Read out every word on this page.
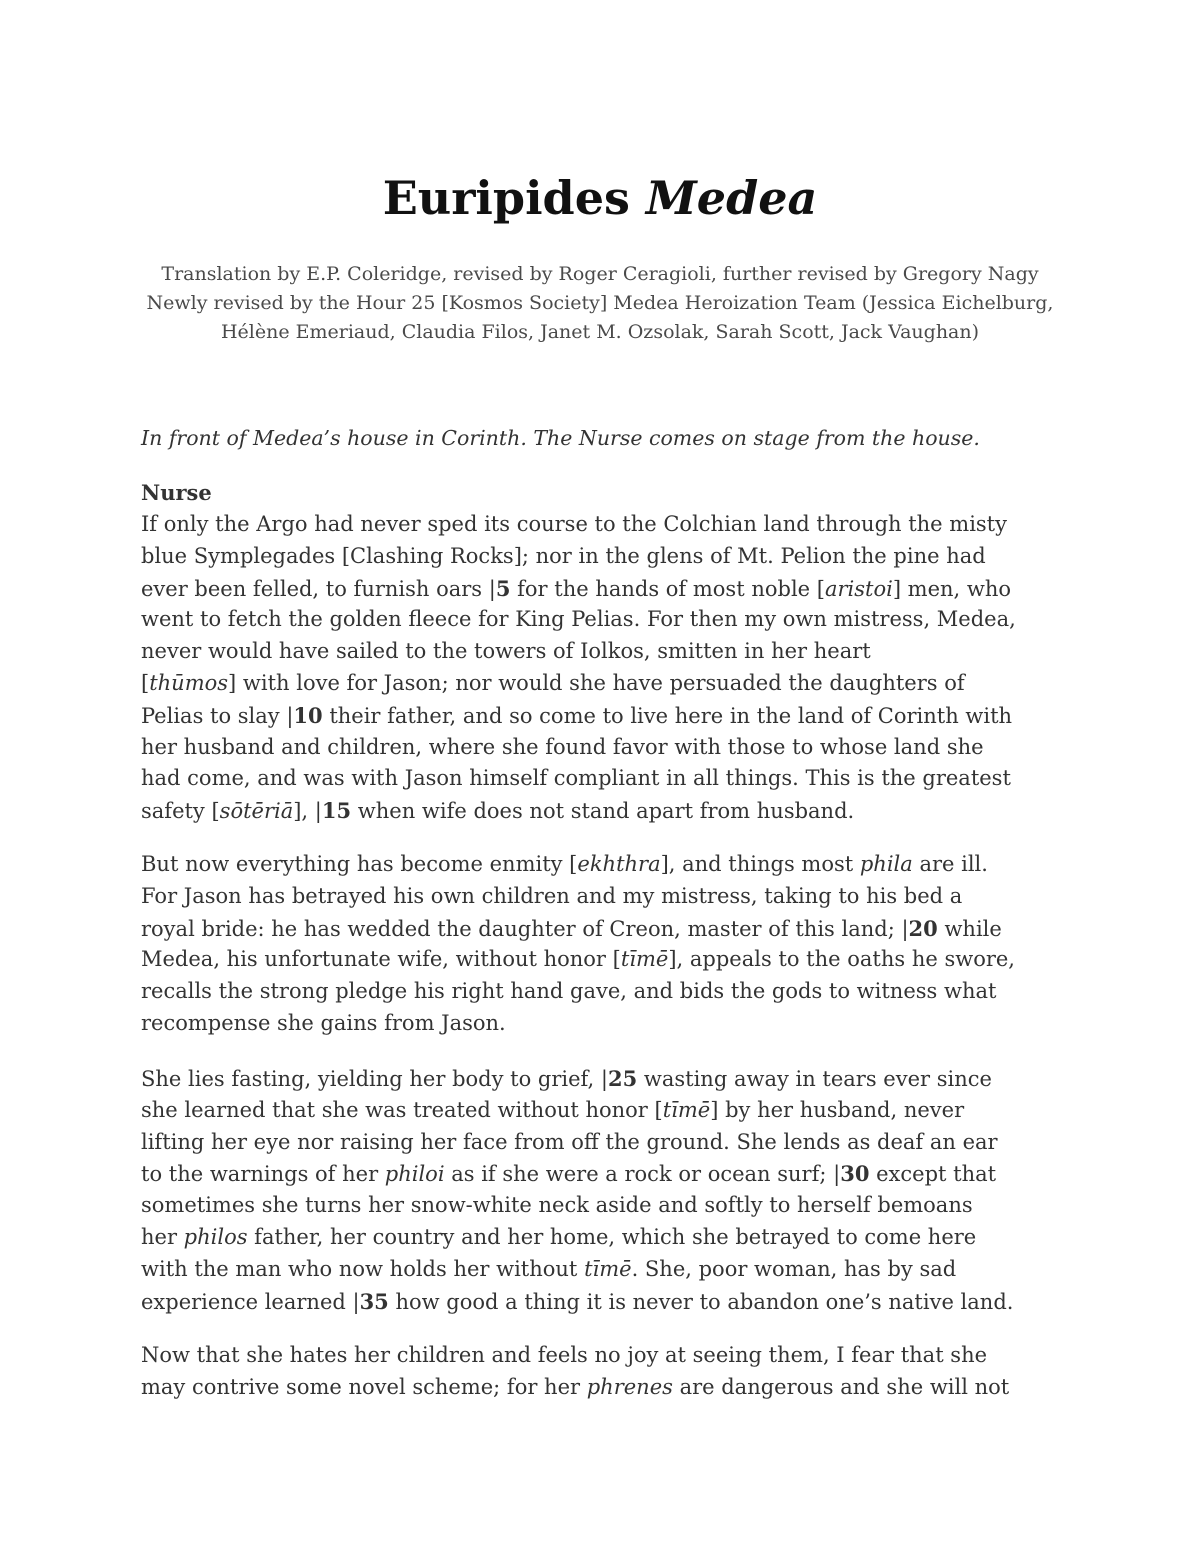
Euripides Medea
Translation by E.P. Coleridge, revised by Roger Ceragioli, further revised by Gregory Nagy
Newly revised by the Hour 25 [Kosmos Society] Medea Heroization Team (Jessica Eichelburg,
Hélène Emeriaud, Claudia Filos, Janet M. Ozsolak, Sarah Scott, Jack Vaughan)
In front of Medea’s house in Corinth. The Nurse comes on stage from the house.
Nurse
If only the Argo had never sped its course to the Colchian land through the misty
blue Symplegades [Clashing Rocks]; nor in the glens of Mt. Pelion the pine had
ever been felled, to furnish oars |5 for the hands of most noble [aristoi] men, who
went to fetch the golden fleece for King Pelias. For then my own mistress, Medea,
never would have sailed to the towers of Iolkos, smitten in her heart
[thūmos] with love for Jason; nor would she have persuaded the daughters of
Pelias to slay |10 their father, and so come to live here in the land of Corinth with
her husband and children, where she found favor with those to whose land she
had come, and was with Jason himself compliant in all things. This is the greatest
safety [sōtēriā], |15 when wife does not stand apart from husband.
But now everything has become enmity [ekhthra], and things most phila are ill.
For Jason has betrayed his own children and my mistress, taking to his bed a
royal bride: he has wedded the daughter of Creon, master of this land; |20 while
Medea, his unfortunate wife, without honor [tīmē], appeals to the oaths he swore,
recalls the strong pledge his right hand gave, and bids the gods to witness what
recompense she gains from Jason.
She lies fasting, yielding her body to grief, |25 wasting away in tears ever since
she learned that she was treated without honor [tīmē] by her husband, never
lifting her eye nor raising her face from off the ground. She lends as deaf an ear
to the warnings of her philoi as if she were a rock or ocean surf; |30 except that
sometimes she turns her snow-white neck aside and softly to herself bemoans
her philos father, her country and her home, which she betrayed to come here
with the man who now holds her without tīmē. She, poor woman, has by sad
experience learned |35 how good a thing it is never to abandon one’s native land.
Now that she hates her children and feels no joy at seeing them, I fear that she
may contrive some novel scheme; for her phrenes are dangerous and she will not
